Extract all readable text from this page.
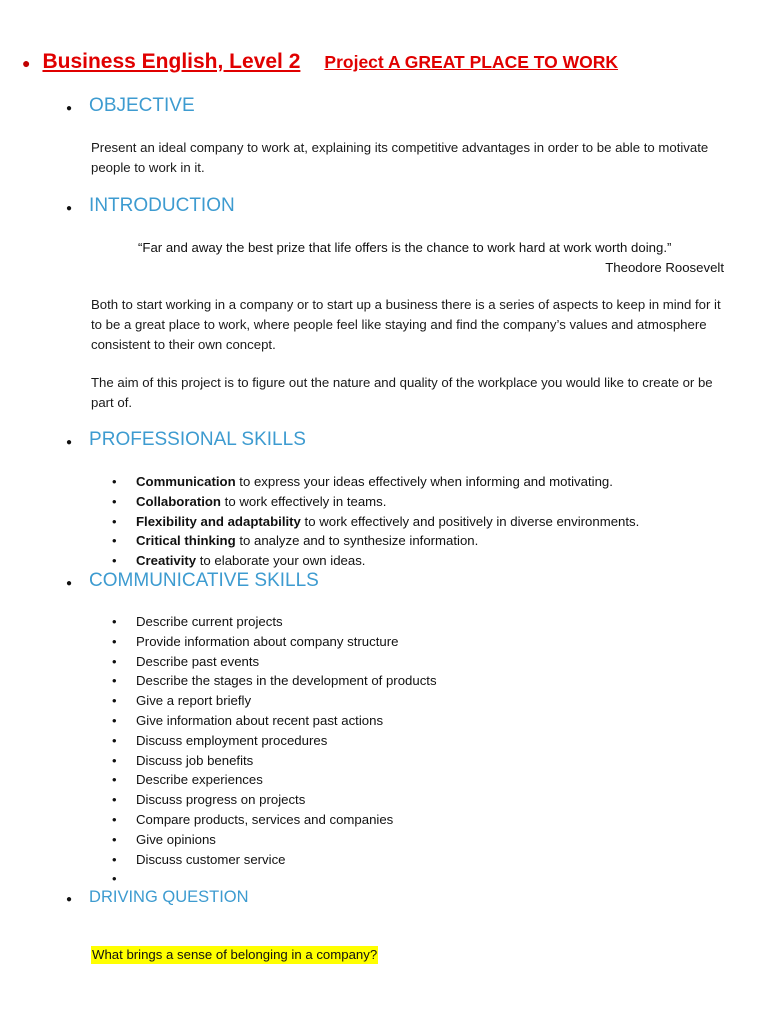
● Business English, Level 2 Project A GREAT PLACE TO WORK
● OBJECTIVE
Present an ideal company to work at, explaining its competitive advantages in order to be able to motivate people to work in it.
● INTRODUCTION
“Far and away the best prize that life offers is the chance to work hard at work worth doing.”
Theodore Roosevelt
Both to start working in a company or to start up a business there is a series of aspects to keep in mind for it to be a great place to work, where people feel like staying and find the company’s values and atmosphere consistent to their own concept.
The aim of this project is to figure out the nature and quality of the workplace you would like to create or be part of.
● PROFESSIONAL SKILLS
• Communication to express your ideas effectively when informing and motivating.
• Collaboration to work effectively in teams.
• Flexibility and adaptability to work effectively and positively in diverse environments.
• Critical thinking to analyze and to synthesize information.
• Creativity to elaborate your own ideas.
● COMMUNICATIVE SKILLS
• Describe current projects
• Provide information about company structure
• Describe past events
• Describe the stages in the development of products
• Give a report briefly
• Give information about recent past actions
• Discuss employment procedures
• Discuss job benefits
• Describe experiences
• Discuss progress on projects
• Compare products, services and companies
• Give opinions
• Discuss customer service
•
● DRIVING QUESTION
What brings a sense of belonging in a company?
